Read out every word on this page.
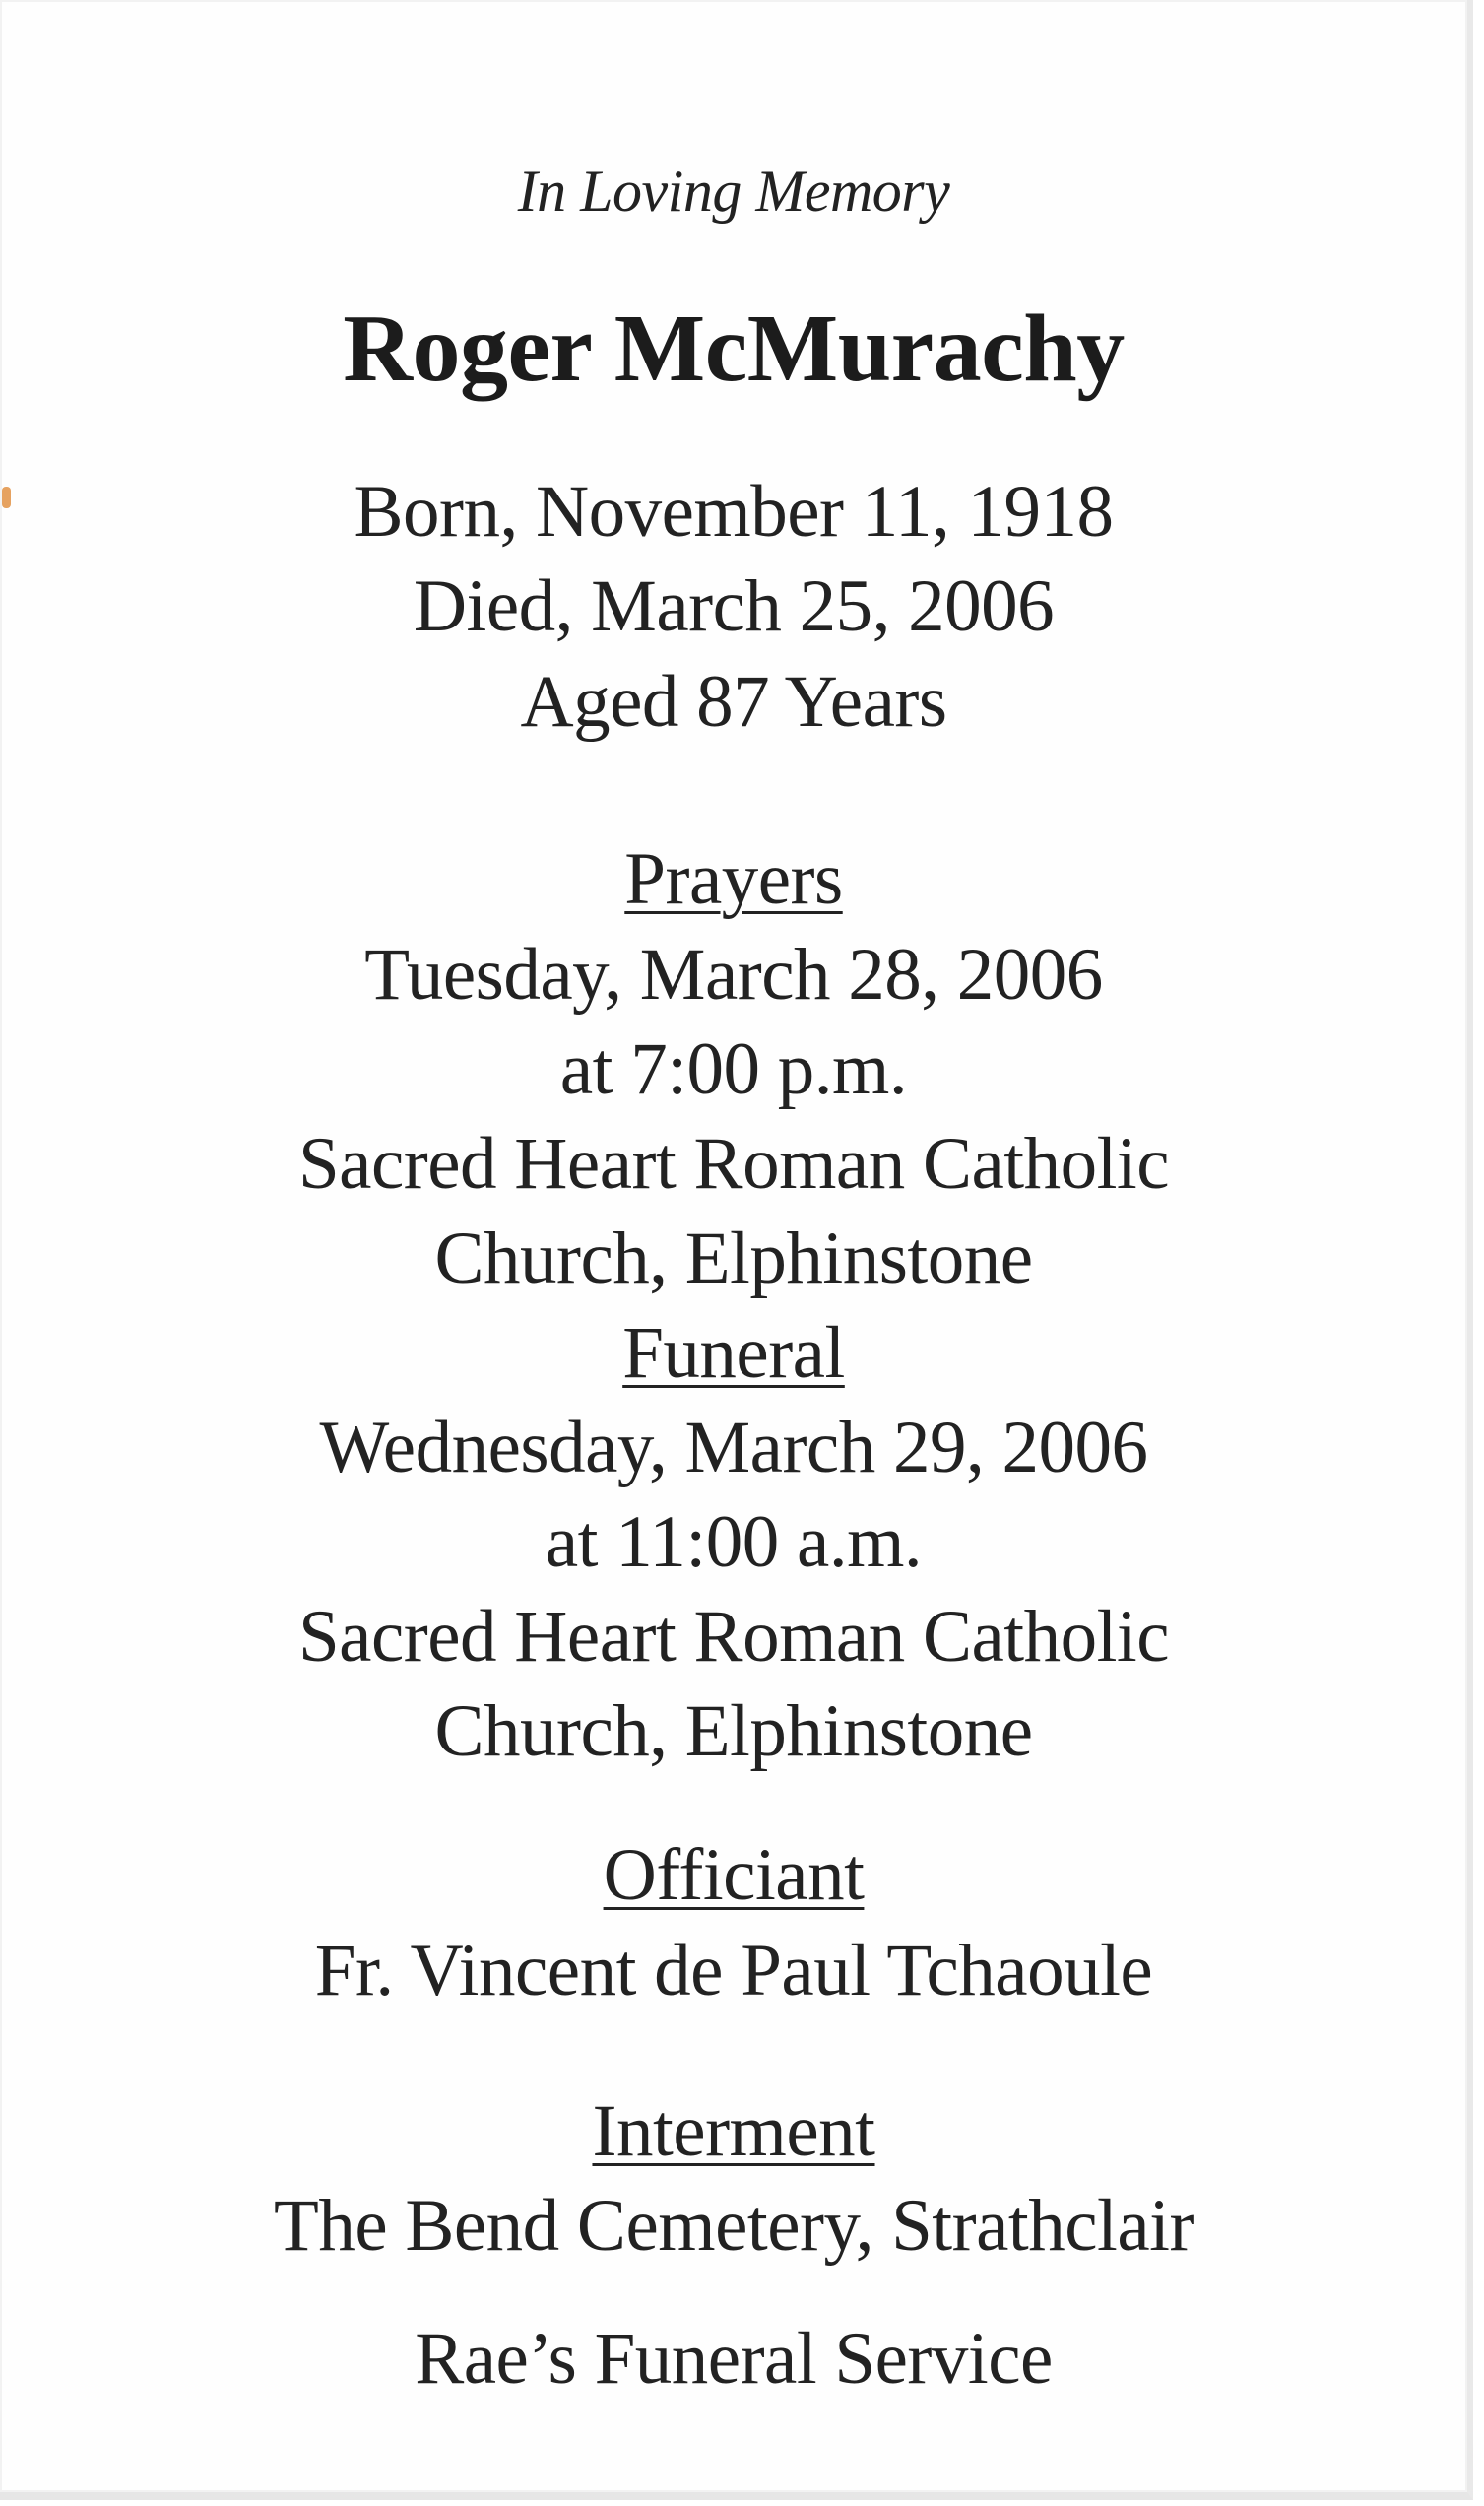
In Loving Memory
Roger McMurachy
Born, November 11, 1918
Died, March 25, 2006
Aged 87 Years
Prayers
Tuesday, March 28, 2006
at 7:00 p.m.
Sacred Heart Roman Catholic
Church, Elphinstone
Funeral
Wednesday, March 29, 2006
at 11:00 a.m.
Sacred Heart Roman Catholic
Church, Elphinstone
Officiant
Fr. Vincent de Paul Tchaoule
Interment
The Bend Cemetery, Strathclair
Rae’s Funeral Service
